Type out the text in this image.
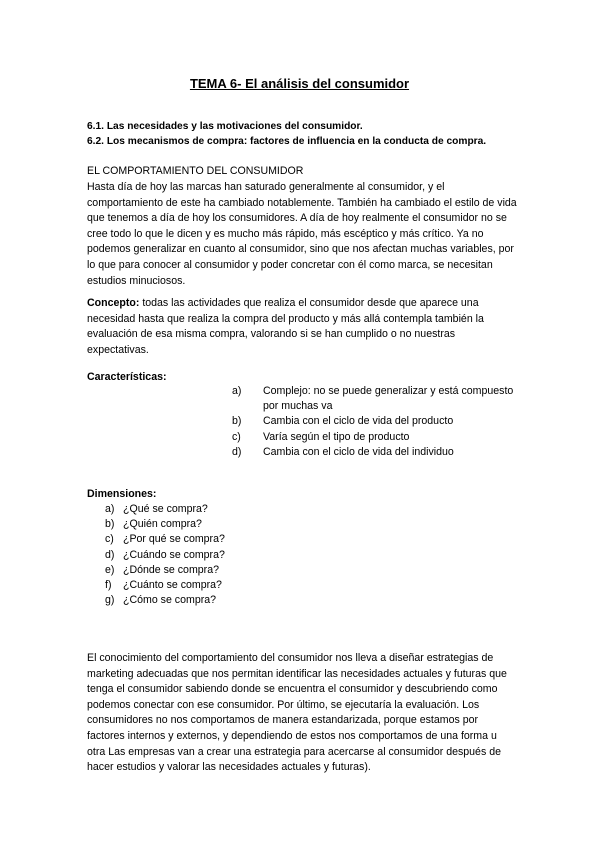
TEMA 6- El análisis del consumidor

6.1. Las necesidades y las motivaciones del consumidor.

6.2. Los mecanismos de compra: factores de influencia en la conducta de compra.

EL COMPORTAMIENTO DEL CONSUMIDOR

Hasta día de hoy las marcas han saturado generalmente al consumidor, y el comportamiento de este ha cambiado notablemente. También ha cambiado el estilo de vida que tenemos a día de hoy los consumidores. A día de hoy realmente el consumidor no se cree todo lo que le dicen y es mucho más rápido, más escéptico y más crítico. Ya no podemos generalizar en cuanto al consumidor, sino que nos afectan muchas variables, por lo que para conocer al consumidor y poder concretar con él como marca, se necesitan estudios minuciosos.

Concepto: todas las actividades que realiza el consumidor desde que aparece una necesidad hasta que realiza la compra del producto y más allá contempla también la evaluación de esa misma compra, valorando si se han cumplido o no nuestras expectativas.

Características:

a) Complejo: no se puede generalizar y está compuesto por muchas va
b) Cambia con el ciclo de vida del producto
c) Varía según el tipo de producto
d) Cambia con el ciclo de vida del individuo

Dimensiones:

a) ¿Qué se compra?
b) ¿Quién compra?
c) ¿Por qué se compra?
d) ¿Cuándo se compra?
e) ¿Dónde se compra?
f) ¿Cuánto se compra?
g) ¿Cómo se compra?

El conocimiento del comportamiento del consumidor nos lleva a diseñar estrategias de marketing adecuadas que nos permitan identificar las necesidades actuales y futuras que tenga el consumidor sabiendo donde se encuentra el consumidor y descubriendo como podemos conectar con ese consumidor. Por último, se ejecutaría la evaluación. Los consumidores no nos comportamos de manera estandarizada, porque estamos por factores internos y externos, y dependiendo de estos nos comportamos de una forma u otra Las empresas van a crear una estrategia para acercarse al consumidor después de hacer estudios y valorar las necesidades actuales y futuras).
